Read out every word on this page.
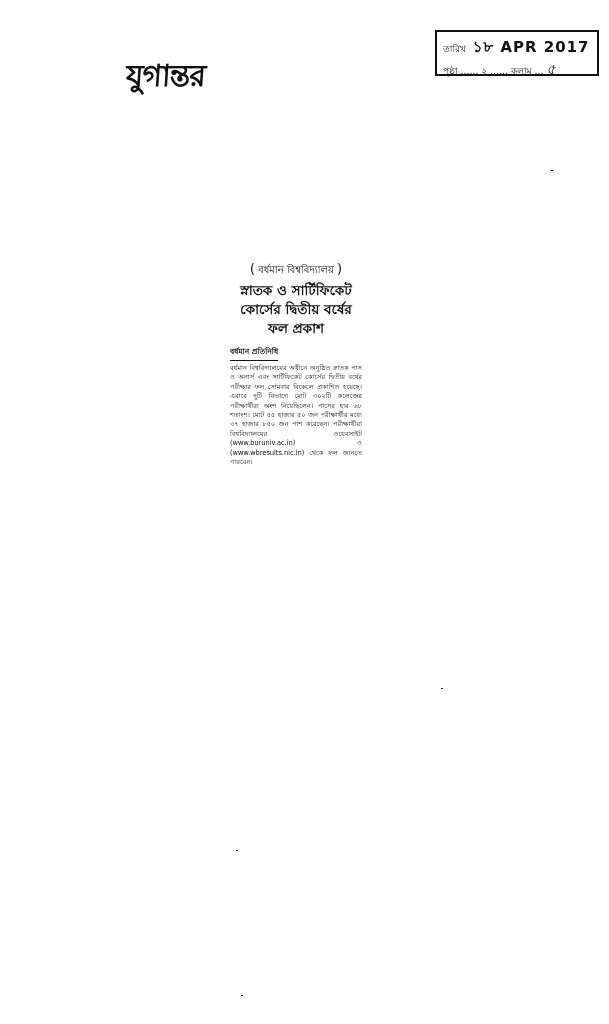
যুগান্তর
তারিখ ১৮ APR 2017
পৃষ্ঠা …… ২ …… কলাম … ৫
( বর্ধমান বিশ্ববিদ্যালয় )
স্নাতক ও সার্টিফিকেট কোর্সের দ্বিতীয় বর্ষের ফল প্রকাশ
বর্ধমান প্রতিনিধি
বর্ধমান বিশ্ববিদ্যালয়ের অধীনে অনুষ্ঠিত স্নাতক পাস ও অনার্স এবং সার্টিফিকেট কোর্সের দ্বিতীয় বর্ষের পরীক্ষার ফল সোমবার বিকেলে প্রকাশিত হয়েছে। এবারে দুটি বিভাগে মোট ৩০২টি কলেজের পরীক্ষার্থীরা অংশ নিয়েছিলেন। পাসের হার ৬৮ শতাংশ। মোট ৫৫ হাজার ৫০ জন পরীক্ষার্থীর মধ্যে ৩৭ হাজার ৮৫০ জন পাশ করেছেন। পরীক্ষার্থীরা বিশ্ববিদ্যালয়ের ওয়েবসাইট (www.buruniv.ac.in) ও (www.wbresults.nic.in) থেকে ফল জানতে পারবেন।
